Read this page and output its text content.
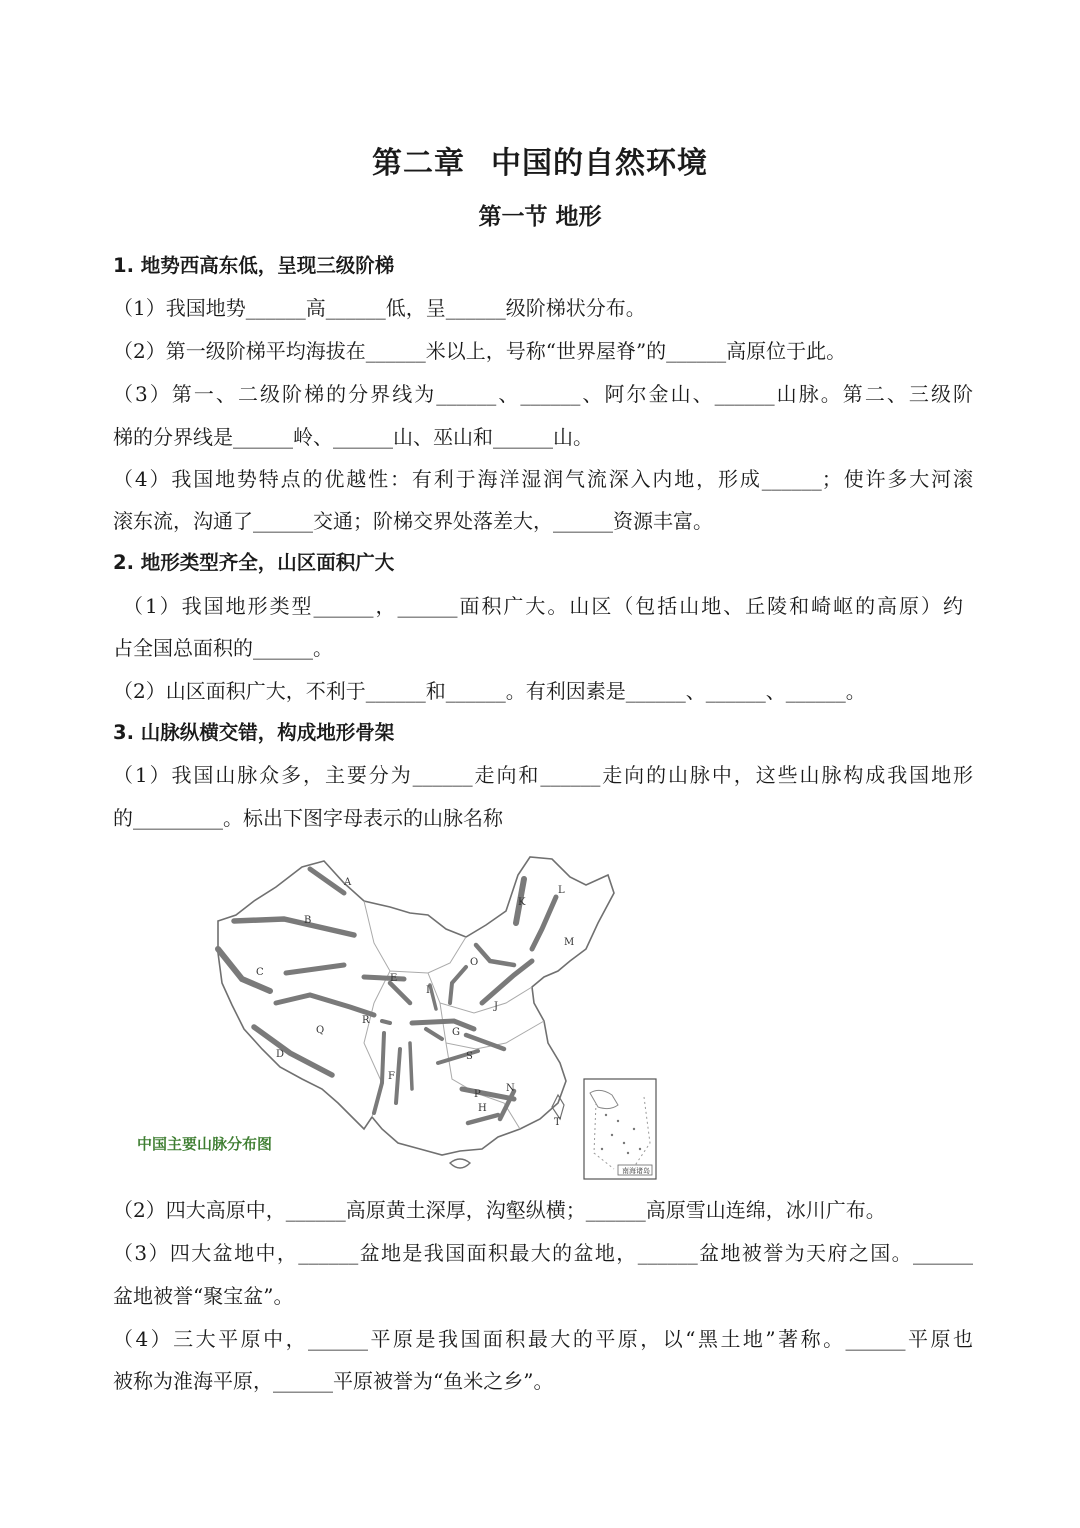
第二章 中国的自然环境
第一节 地形
1. 地势西高东低，呈现三级阶梯
（1）我国地势______高______低，呈______级阶梯状分布。
（2）第一级阶梯平均海拔在______米以上，号称“世界屋脊”的______高原位于此。
（3）第一、二级阶梯的分界线为______、______、阿尔金山、______山脉。第二、三级阶
梯的分界线是______岭、______山、巫山和______山。
（4）我国地势特点的优越性：有利于海洋湿润气流深入内地，形成______；使许多大河滚
滚东流，沟通了______交通；阶梯交界处落差大，______资源丰富。
2. 地形类型齐全，山区面积广大
（1）我国地形类型______，______面积广大。山区（包括山地、丘陵和崎岖的高原）约
占全国总面积的______。
（2）山区面积广大，不利于______和______。有利因素是______、______、______。
3. 山脉纵横交错，构成地形骨架
（1）我国山脉众多，主要分为______走向和______走向的山脉中，这些山脉构成我国地形
的_________。标出下图字母表示的山脉名称
A
B
C
D
E
F
G
H
I
J
K
L
M
N
O
P
Q
R
S
T
南海诸岛
中国主要山脉分布图
（2）四大高原中，______高原黄土深厚，沟壑纵横；______高原雪山连绵，冰川广布。
（3）四大盆地中，______盆地是我国面积最大的盆地，______盆地被誉为天府之国。______
盆地被誉“聚宝盆”。
（4）三大平原中，______平原是我国面积最大的平原，以“黑土地”著称。______平原也
被称为淮海平原，______平原被誉为“鱼米之乡”。
